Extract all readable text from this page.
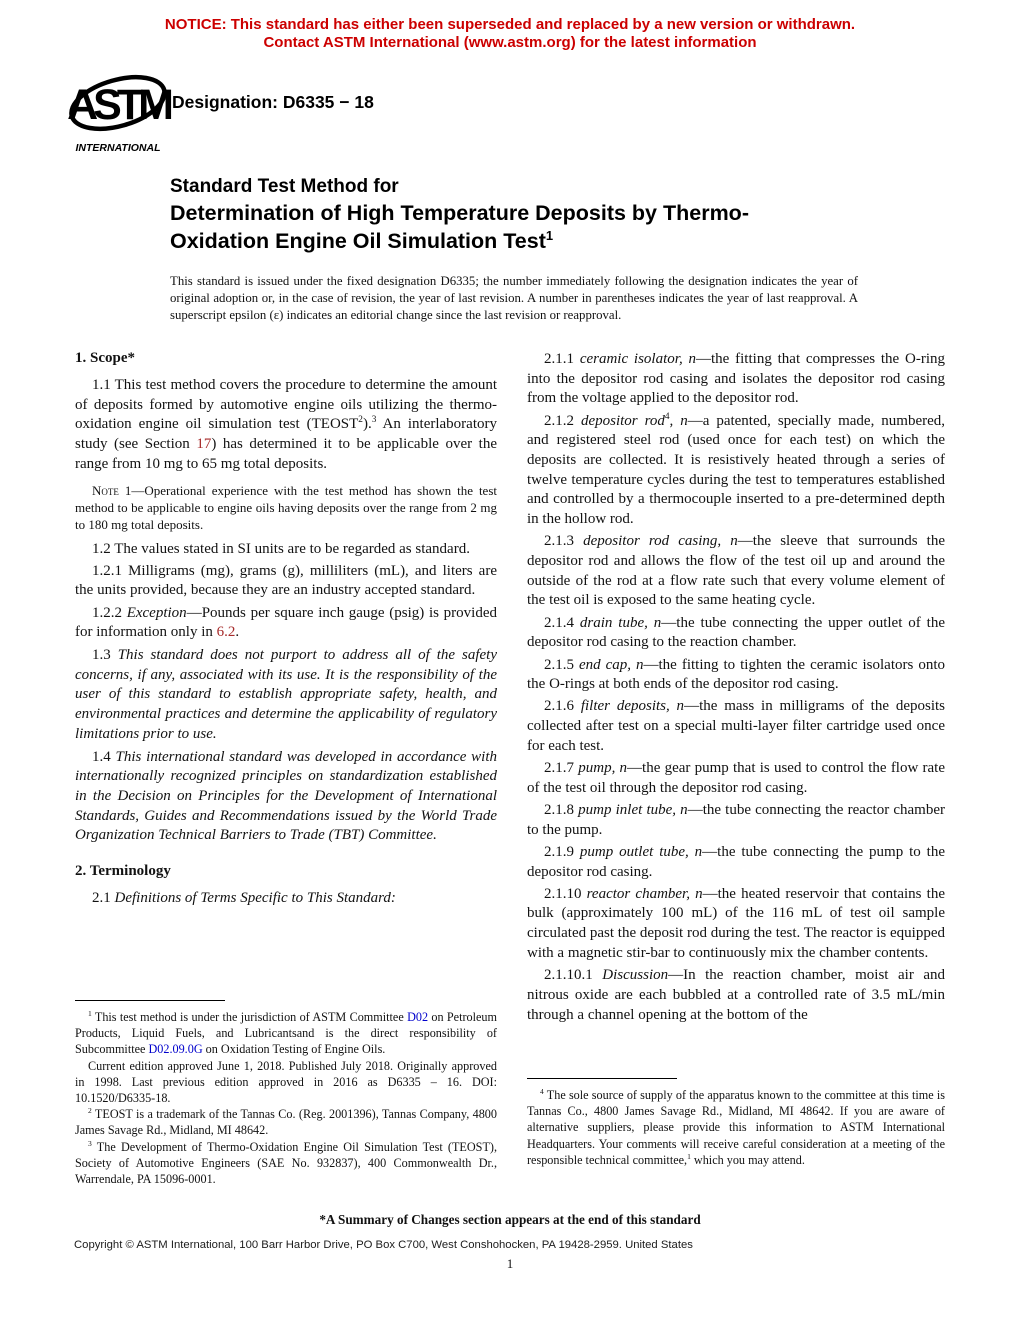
NOTICE: This standard has either been superseded and replaced by a new version or withdrawn.
Contact ASTM International (www.astm.org) for the latest information
ASTM
INTERNATIONAL
Designation: D6335 − 18
Standard Test Method for
Determination of High Temperature Deposits by Thermo-
Oxidation Engine Oil Simulation Test$^1$
This standard is issued under the fixed designation D6335; the number immediately following the designation indicates the year of original adoption or, in the case of revision, the year of last revision. A number in parentheses indicates the year of last reapproval. A superscript epsilon (ε) indicates an editorial change since the last revision or reapproval.
1. Scope*

1.1 This test method covers the procedure to determine the amount of deposits formed by automotive engine oils utilizing the thermo-oxidation engine oil simulation test (TEOST$^2$).$^3$ An interlaboratory study (see Section 17) has determined it to be applicable over the range from 10 mg to 65 mg total deposits.

Note 1—Operational experience with the test method has shown the test method to be applicable to engine oils having deposits over the range from 2 mg to 180 mg total deposits.

1.2 The values stated in SI units are to be regarded as standard.

1.2.1 Milligrams (mg), grams (g), milliliters (mL), and liters are the units provided, because they are an industry accepted standard.

1.2.2 Exception—Pounds per square inch gauge (psig) is provided for information only in 6.2.

1.3 This standard does not purport to address all of the safety concerns, if any, associated with its use. It is the responsibility of the user of this standard to establish appropriate safety, health, and environmental practices and determine the applicability of regulatory limitations prior to use.

1.4 This international standard was developed in accordance with internationally recognized principles on standardization established in the Decision on Principles for the Development of International Standards, Guides and Recommendations issued by the World Trade Organization Technical Barriers to Trade (TBT) Committee.

2. Terminology

2.1 Definitions of Terms Specific to This Standard:

$^1$ This test method is under the jurisdiction of ASTM Committee D02 on Petroleum Products, Liquid Fuels, and Lubricantsand is the direct responsibility of Subcommittee D02.09.0G on Oxidation Testing of Engine Oils.

Current edition approved June 1, 2018. Published July 2018. Originally approved in 1998. Last previous edition approved in 2016 as D6335 – 16. DOI: 10.1520/D6335-18.

$^2$ TEOST is a trademark of the Tannas Co. (Reg. 2001396), Tannas Company, 4800 James Savage Rd., Midland, MI 48642.

$^3$ The Development of Thermo-Oxidation Engine Oil Simulation Test (TEOST), Society of Automotive Engineers (SAE No. 932837), 400 Commonwealth Dr., Warrendale, PA 15096-0001.

2.1.1 ceramic isolator, n—the fitting that compresses the O-ring into the depositor rod casing and isolates the depositor rod casing from the voltage applied to the depositor rod.

2.1.2 depositor rod$^4$, n—a patented, specially made, numbered, and registered steel rod (used once for each test) on which the deposits are collected. It is resistively heated through a series of twelve temperature cycles during the test to temperatures established and controlled by a thermocouple inserted to a pre-determined depth in the hollow rod.

2.1.3 depositor rod casing, n—the sleeve that surrounds the depositor rod and allows the flow of the test oil up and around the outside of the rod at a flow rate such that every volume element of the test oil is exposed to the same heating cycle.

2.1.4 drain tube, n—the tube connecting the upper outlet of the depositor rod casing to the reaction chamber.

2.1.5 end cap, n—the fitting to tighten the ceramic isolators onto the O-rings at both ends of the depositor rod casing.

2.1.6 filter deposits, n—the mass in milligrams of the deposits collected after test on a special multi-layer filter cartridge used once for each test.

2.1.7 pump, n—the gear pump that is used to control the flow rate of the test oil through the depositor rod casing.

2.1.8 pump inlet tube, n—the tube connecting the reactor chamber to the pump.

2.1.9 pump outlet tube, n—the tube connecting the pump to the depositor rod casing.

2.1.10 reactor chamber, n—the heated reservoir that contains the bulk (approximately 100 mL) of the 116 mL of test oil sample circulated past the deposit rod during the test. The reactor is equipped with a magnetic stir-bar to continuously mix the chamber contents.

2.1.10.1 Discussion—In the reaction chamber, moist air and nitrous oxide are each bubbled at a controlled rate of 3.5 mL/min through a channel opening at the bottom of the

$^4$ The sole source of supply of the apparatus known to the committee at this time is Tannas Co., 4800 James Savage Rd., Midland, MI 48642. If you are aware of alternative suppliers, please provide this information to ASTM International Headquarters. Your comments will receive careful consideration at a meeting of the responsible technical committee,$^1$ which you may attend.

*A Summary of Changes section appears at the end of this standard
Copyright © ASTM International, 100 Barr Harbor Drive, PO Box C700, West Conshohocken, PA 19428-2959. United States
1
